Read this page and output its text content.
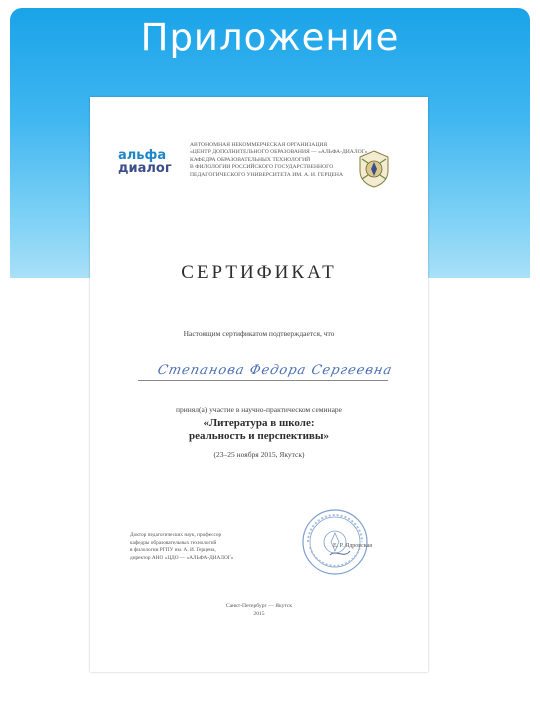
Приложение
альфа
диалог
АВТОНОМНАЯ НЕКОММЕРЧЕСКАЯ ОРГАНИЗАЦИЯ
«ЦЕНТР ДОПОЛНИТЕЛЬНОГО ОБРАЗОВАНИЯ — «АЛЬФА-ДИАЛОГ»
КАФЕДРА ОБРАЗОВАТЕЛЬНЫХ ТЕХНОЛОГИЙ
В ФИЛОЛОГИИ РОССИЙСКОГО ГОСУДАРСТВЕННОГО
ПЕДАГОГИЧЕСКОГО УНИВЕРСИТЕТА ИМ. А. И. ГЕРЦЕНА
СЕРТИФИКАТ
Настоящим сертификатом подтверждается, что
Степанова Федора Сергеевна
принял(а) участие в научно-практическом семинаре
«Литература в школе:
реальность и перспективы»
(23–25 ноября 2015, Якутск)
Доктор педагогических наук, профессор
кафедры образовательных технологий
в филологии РГПУ им. А. И. Герцена,
директор АНО «ЦДО — «АЛЬФА-ДИАЛОГ»
Е. Р. Ядровская
Санкт-Петербург — Якутск
2015
